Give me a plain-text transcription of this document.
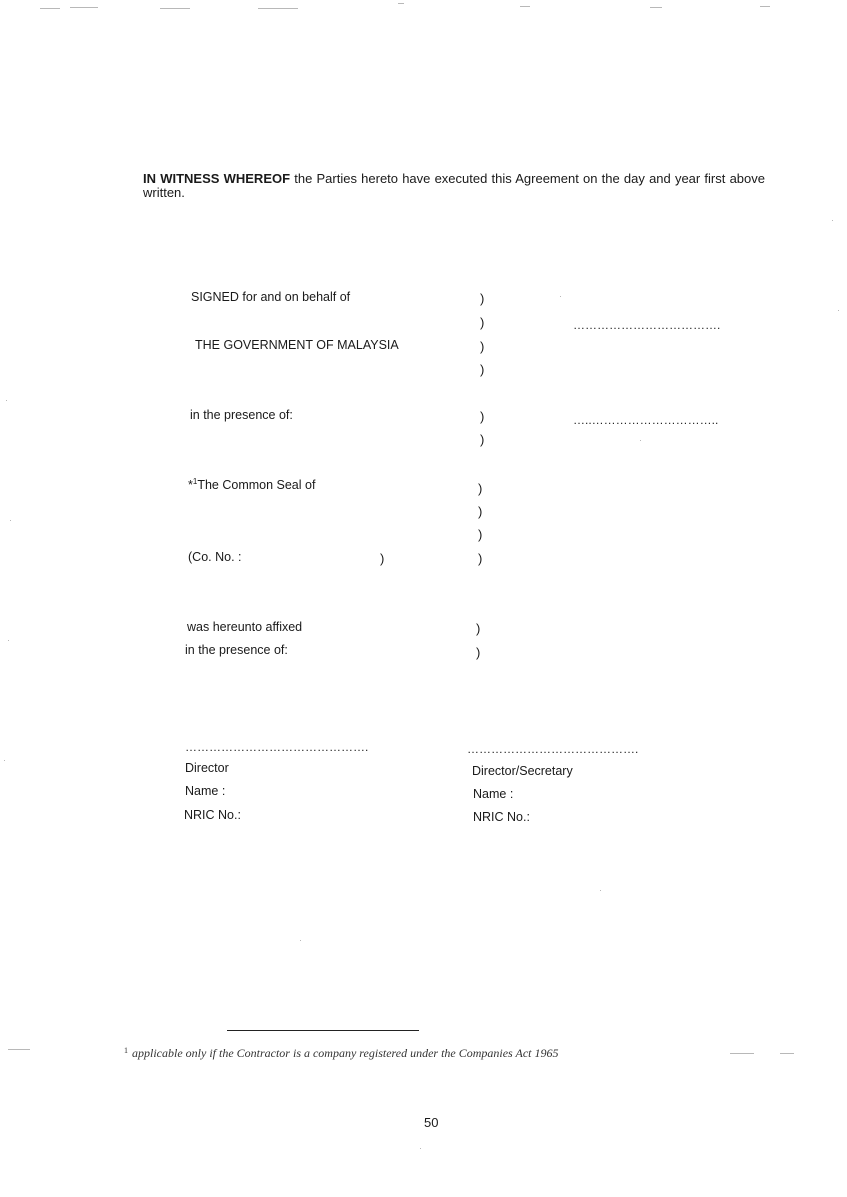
IN WITNESS WHEREOF the Parties hereto have executed this Agreement on the day and year first above written.
SIGNED for and on behalf of	)
)	……………………………….
THE GOVERNMENT OF MALAYSIA	)
)
in the presence of:	)	…..…………………………..
)
*$^1$The Common Seal of	)
)
)
(Co. No. :	)	)
was hereunto affixed	)
in the presence of:	)
……………………………………….	…………………………………….
Director	Director/Secretary
Name :	Name :
NRIC No.:	NRIC No.:
$^1$ applicable only if the Contractor is a company registered under the Companies Act 1965
50
